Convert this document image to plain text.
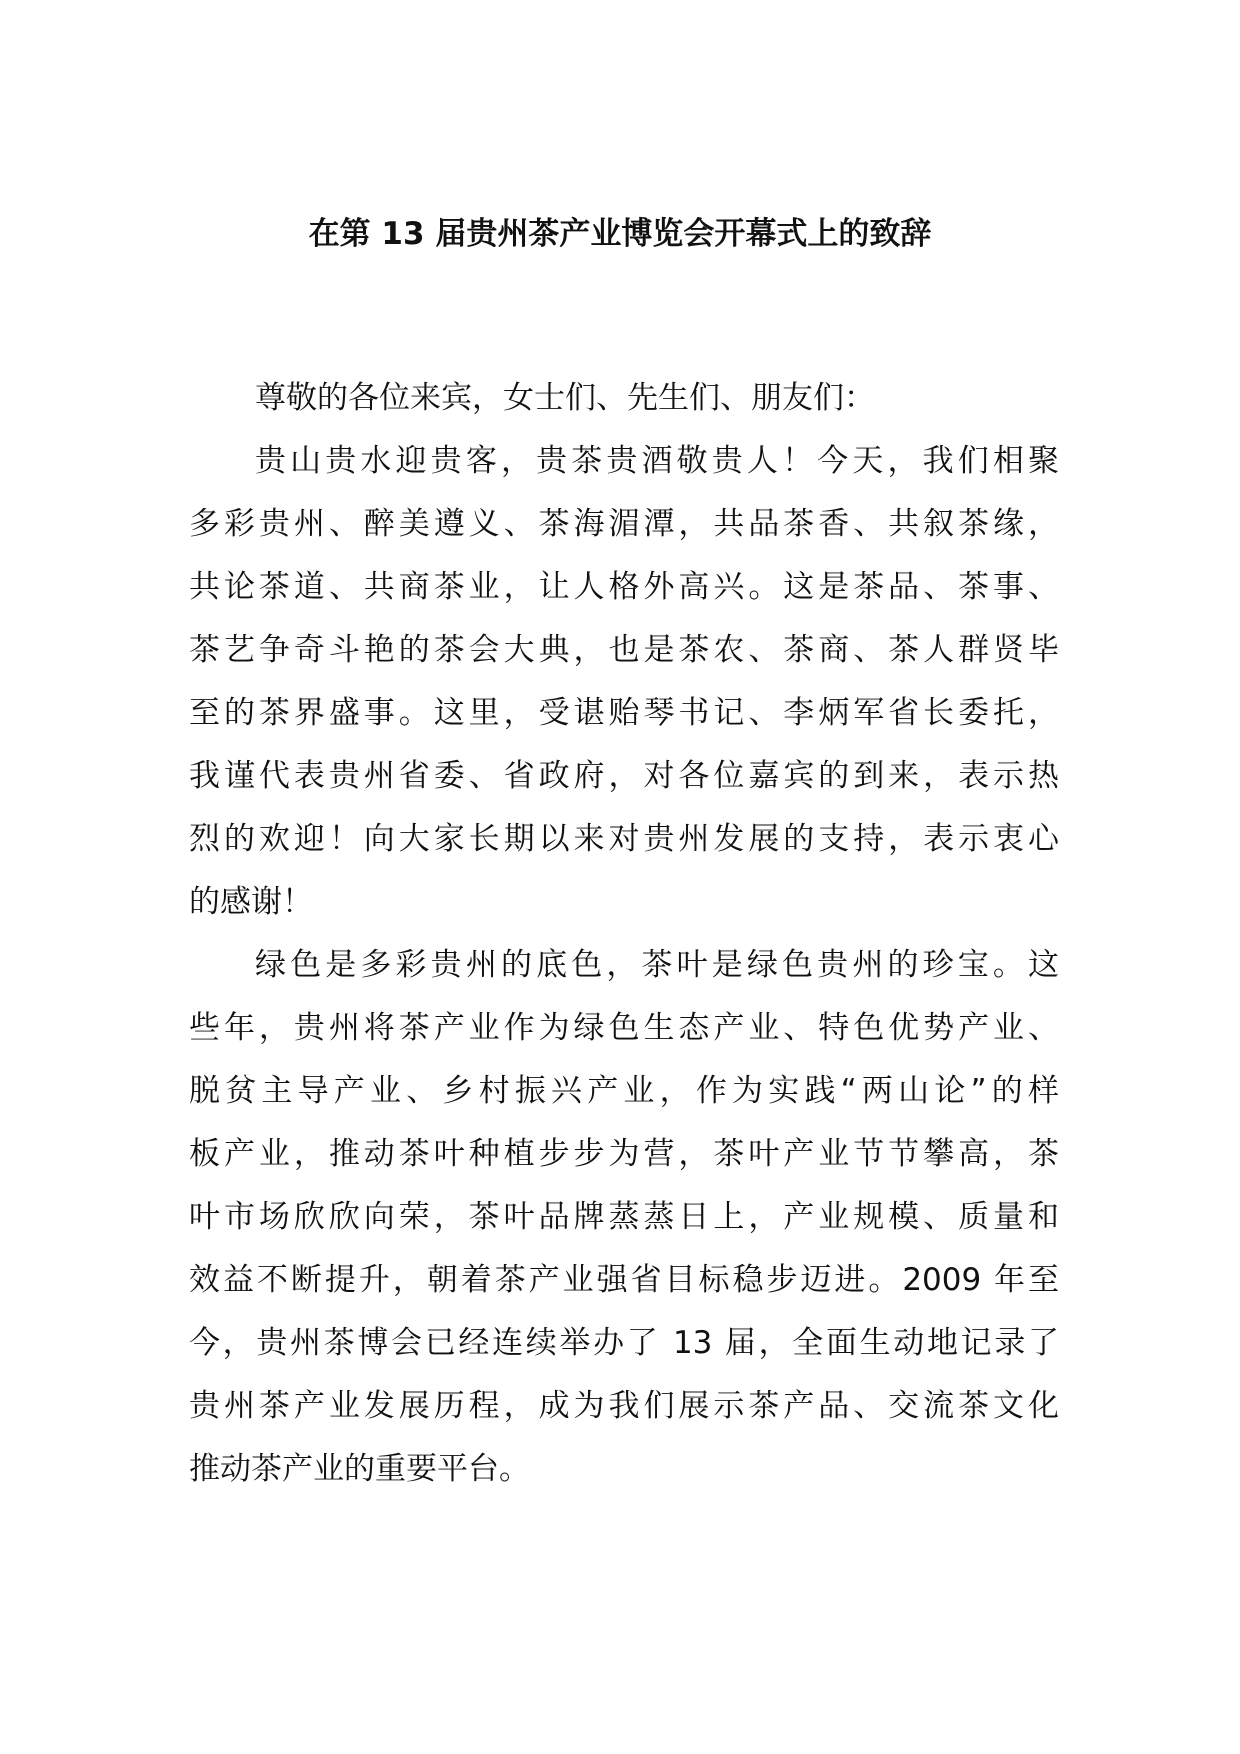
在第 13 届贵州茶产业博览会开幕式上的致辞
尊敬的各位来宾，女士们、先生们、朋友们：
贵山贵水迎贵客，贵茶贵酒敬贵人！今天，我们相聚
多彩贵州、醉美遵义、茶海湄潭，共品茶香、共叙茶缘，
共论茶道、共商茶业，让人格外高兴。这是茶品、茶事、
茶艺争奇斗艳的茶会大典，也是茶农、茶商、茶人群贤毕
至的茶界盛事。这里，受谌贻琴书记、李炳军省长委托，
我谨代表贵州省委、省政府，对各位嘉宾的到来，表示热
烈的欢迎！向大家长期以来对贵州发展的支持，表示衷心
的感谢！
绿色是多彩贵州的底色，茶叶是绿色贵州的珍宝。这
些年，贵州将茶产业作为绿色生态产业、特色优势产业、
脱贫主导产业、乡村振兴产业，作为实践“两山论”的样
板产业，推动茶叶种植步步为营，茶叶产业节节攀高，茶
叶市场欣欣向荣，茶叶品牌蒸蒸日上，产业规模、质量和
效益不断提升，朝着茶产业强省目标稳步迈进。2009 年至
今，贵州茶博会已经连续举办了 13 届，全面生动地记录了
贵州茶产业发展历程，成为我们展示茶产品、交流茶文化
推动茶产业的重要平台。
